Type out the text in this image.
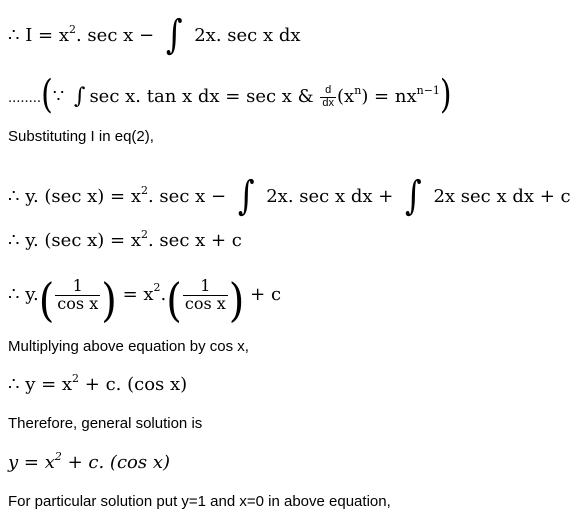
∴ $I = x^2$. sec x − ∫ 2x. sec x dx
........(∵ ∫ sec x. tan x dx = sec x & $\frac{d}{dx} (x^n) = nx^{n-1}$)
Substituting I in eq(2),
∴ y. (sec $x) = x^2$. sec x − ∫ 2x. sec x dx + ∫ 2x sec x dx + c
∴ y. (sec $x) = x^2$. sec x + c
∴
y. ( $\frac{1}{\text{cos x}}$ )
= $x^2$ . ( $\frac{1}{\text{cos x}}$ )
+ c
Multiplying above equation by cos x,
∴ $y = x^2 + c$. (cos x)
Therefore, general solution is
$y = x^2 + c$. (cos x)
For particular solution put y=1 and x=0 in above equation,
